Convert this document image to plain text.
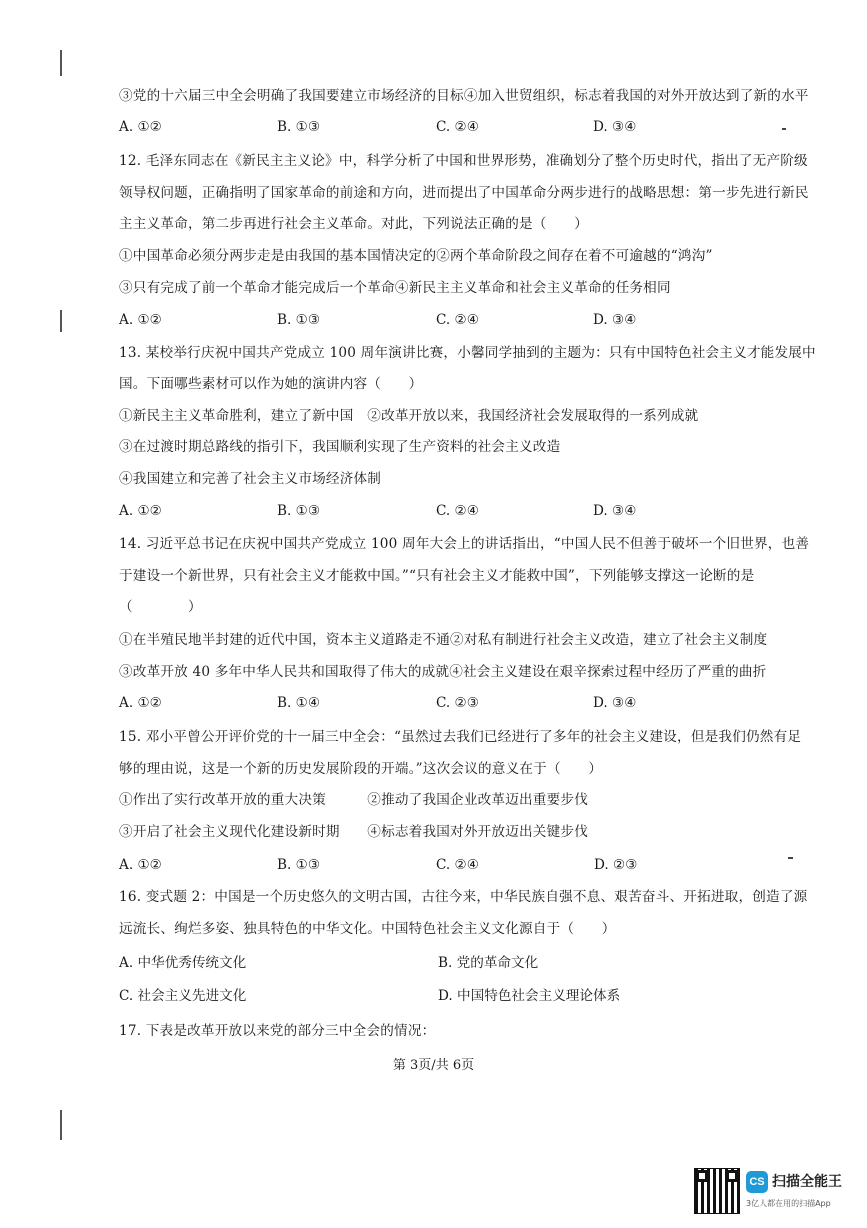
③党的十六届三中全会明确了我国要建立市场经济的目标④加入世贸组织，标志着我国的对外开放达到了新的水平
A. ①②	B. ①③	C. ②④	D. ③④
12. 毛泽东同志在《新民主主义论》中，科学分析了中国和世界形势，准确划分了整个历史时代，指出了无产阶级
领导权问题，正确指明了国家革命的前途和方向，进而提出了中国革命分两步进行的战略思想：第一步先进行新民
主主义革命，第二步再进行社会主义革命。对此，下列说法正确的是（　　）
①中国革命必须分两步走是由我国的基本国情决定的②两个革命阶段之间存在着不可逾越的“鸿沟”
③只有完成了前一个革命才能完成后一个革命④新民主主义革命和社会主义革命的任务相同
A. ①②	B. ①③	C. ②④	D. ③④
13. 某校举行庆祝中国共产党成立 100 周年演讲比赛，小馨同学抽到的主题为：只有中国特色社会主义才能发展中
国。下面哪些素材可以作为她的演讲内容（　　）
①新民主主义革命胜利，建立了新中国　②改革开放以来，我国经济社会发展取得的一系列成就
③在过渡时期总路线的指引下，我国顺利实现了生产资料的社会主义改造
④我国建立和完善了社会主义市场经济体制
A. ①②	B. ①③	C. ②④	D. ③④
14. 习近平总书记在庆祝中国共产党成立 100 周年大会上的讲话指出，“中国人民不但善于破坏一个旧世界，也善
于建设一个新世界，只有社会主义才能救中国。”“只有社会主义才能救中国”，下列能够支撑这一论断的是
（　　　　）
①在半殖民地半封建的近代中国，资本主义道路走不通②对私有制进行社会主义改造，建立了社会主义制度
③改革开放 40 多年中华人民共和国取得了伟大的成就④社会主义建设在艰辛探索过程中经历了严重的曲折
A. ①②	B. ①④	C. ②③	D. ③④
15. 邓小平曾公开评价党的十一届三中全会：“虽然过去我们已经进行了多年的社会主义建设，但是我们仍然有足
够的理由说，这是一个新的历史发展阶段的开端。”这次会议的意义在于（　　）
①作出了实行改革开放的重大决策　　　②推动了我国企业改革迈出重要步伐
③开启了社会主义现代化建设新时期　　④标志着我国对外开放迈出关键步伐
A. ①②	B. ①③	C. ②④	D. ②③
16. 变式题 2：中国是一个历史悠久的文明古国，古往今来，中华民族自强不息、艰苦奋斗、开拓进取，创造了源
远流长、绚烂多姿、独具特色的中华文化。中国特色社会主义文化源自于（　　）
A. 中华优秀传统文化	B. 党的革命文化
C. 社会主义先进文化	D. 中国特色社会主义理论体系
17. 下表是改革开放以来党的部分三中全会的情况：
第 3页/共 6页
CS 扫描全能王
3亿人都在用的扫描App
